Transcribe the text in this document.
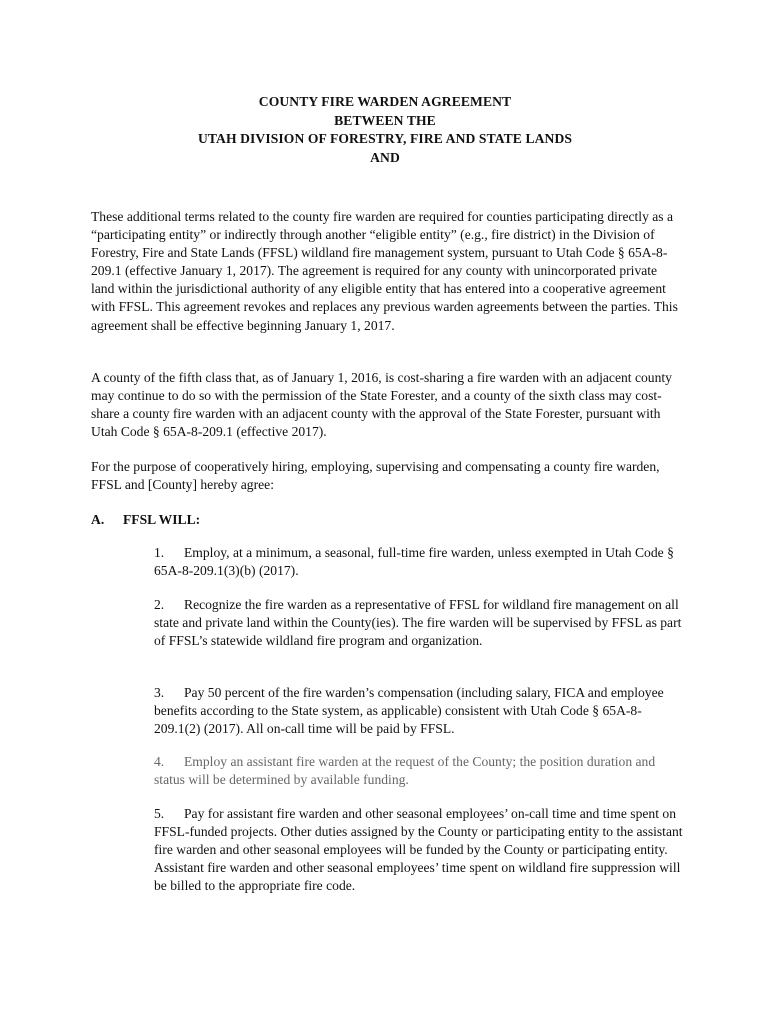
COUNTY FIRE WARDEN AGREEMENT
BETWEEN THE
UTAH DIVISION OF FORESTRY, FIRE AND STATE LANDS
AND

These additional terms related to the county fire warden are required for counties participating directly as a “participating entity” or indirectly through another “eligible entity” (e.g., fire district) in the Division of Forestry, Fire and State Lands (FFSL) wildland fire management system, pursuant to Utah Code § 65A-8-209.1 (effective January 1, 2017). The agreement is required for any county with unincorporated private land within the jurisdictional authority of any eligible entity that has entered into a cooperative agreement with FFSL. This agreement revokes and replaces any previous warden agreements between the parties. This agreement shall be effective beginning January 1, 2017.

A county of the fifth class that, as of January 1, 2016, is cost-sharing a fire warden with an adjacent county may continue to do so with the permission of the State Forester, and a county of the sixth class may cost-share a county fire warden with an adjacent county with the approval of the State Forester, pursuant with Utah Code § 65A-8-209.1 (effective 2017).

For the purpose of cooperatively hiring, employing, supervising and compensating a county fire warden, FFSL and [County] hereby agree:

A. FFSL WILL:

1. Employ, at a minimum, a seasonal, full-time fire warden, unless exempted in Utah Code § 65A-8-209.1(3)(b) (2017).

2. Recognize the fire warden as a representative of FFSL for wildland fire management on all state and private land within the County(ies). The fire warden will be supervised by FFSL as part of FFSL’s statewide wildland fire program and organization.

3. Pay 50 percent of the fire warden’s compensation (including salary, FICA and employee benefits according to the State system, as applicable) consistent with Utah Code § 65A-8-209.1(2) (2017). All on-call time will be paid by FFSL.

4. Employ an assistant fire warden at the request of the County; the position duration and status will be determined by available funding.

5. Pay for assistant fire warden and other seasonal employees’ on-call time and time spent on FFSL-funded projects. Other duties assigned by the County or participating entity to the assistant fire warden and other seasonal employees will be funded by the County or participating entity. Assistant fire warden and other seasonal employees’ time spent on wildland fire suppression will be billed to the appropriate fire code.
